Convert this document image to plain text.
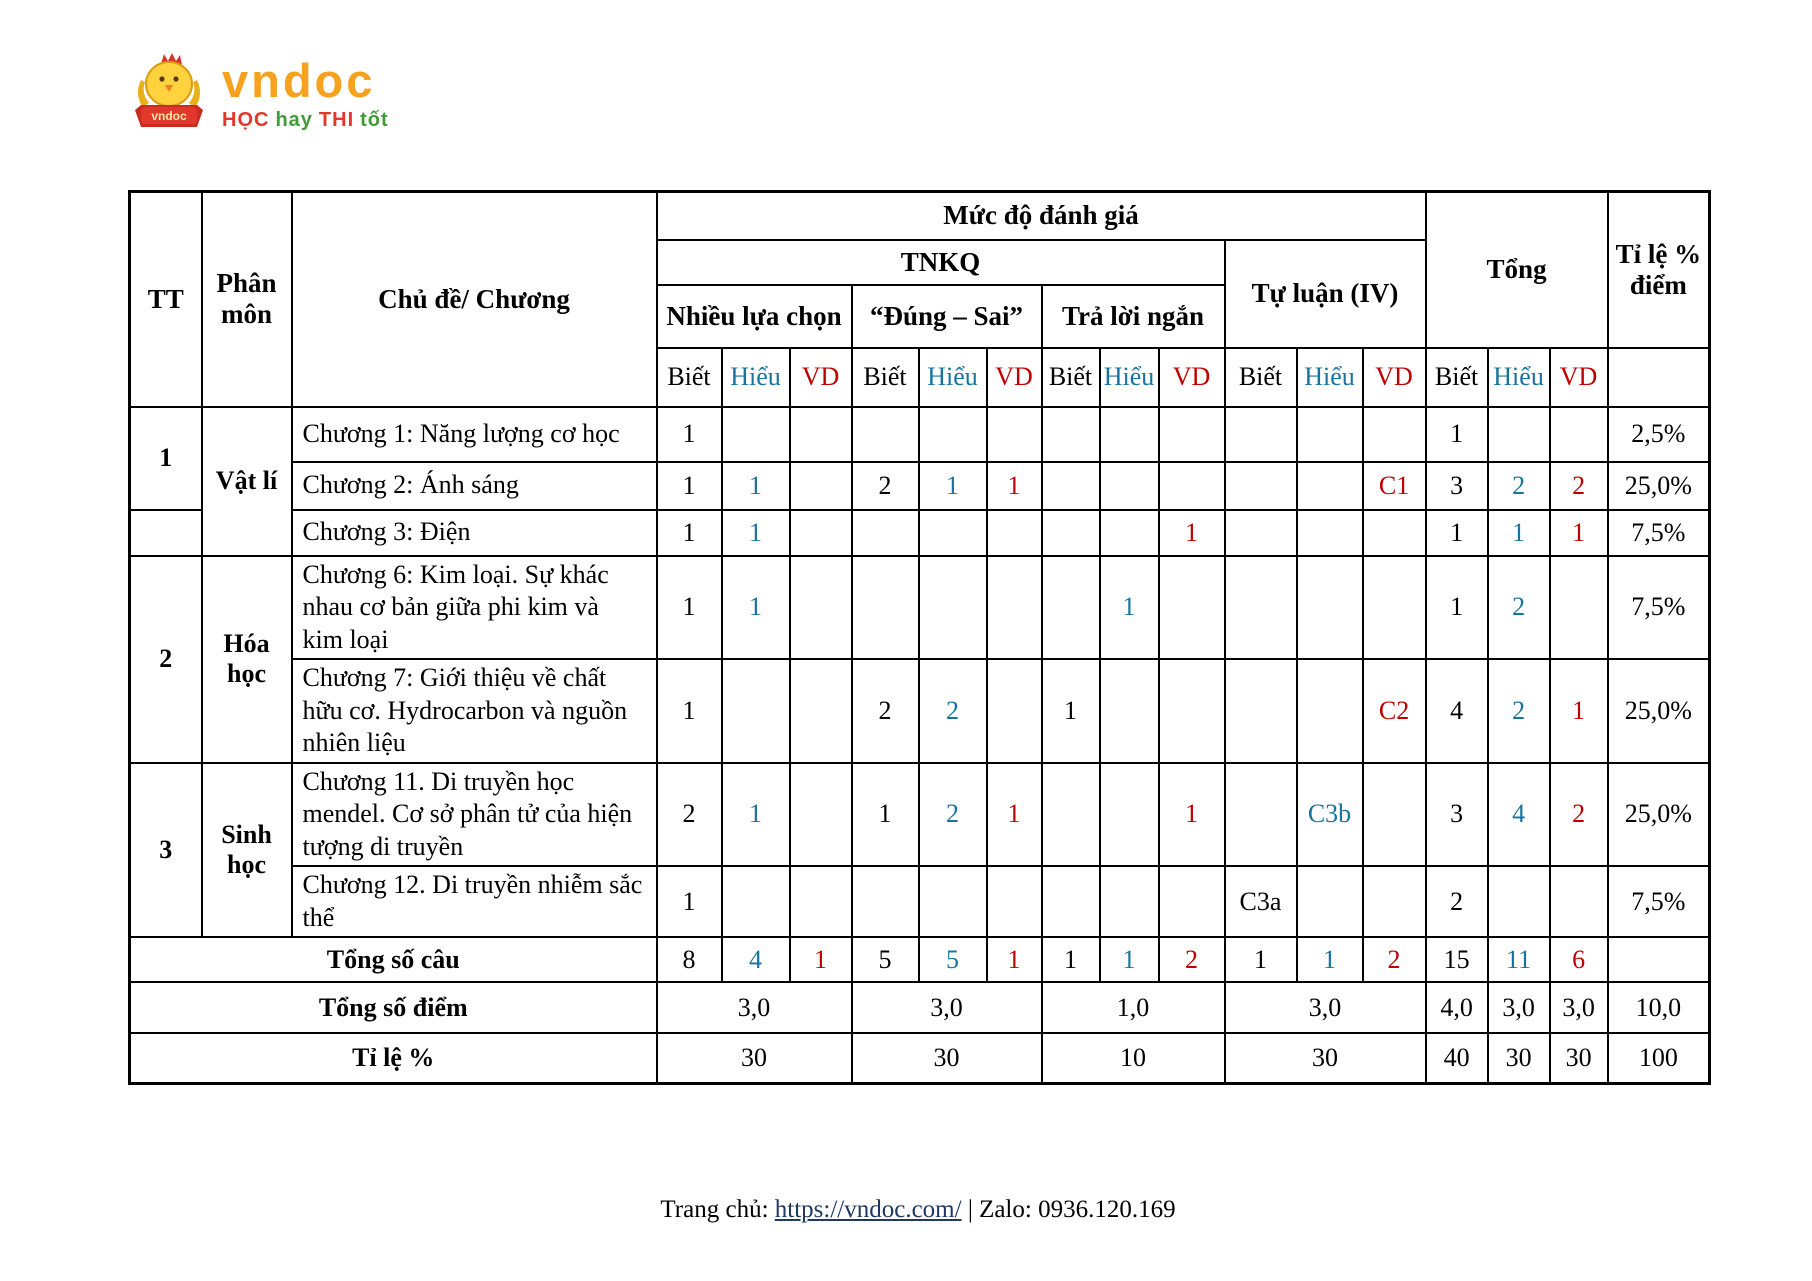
vndoc
vndoc
HỌC hay THI tốt
TT	Phân môn	Chủ đề/ Chương	Mức độ đánh giá												Tổng			Tỉ lệ % điểm
			TNKQ									Tự luận (IV)						
			Nhiều lựa chọn			“Đúng – Sai”			Trả lời ngắn									
			Biết	Hiểu	VD	Biết	Hiểu	VD	Biết	Hiểu	VD	Biết	Hiểu	VD	Biết	Hiểu	VD	
1	Vật lí	Chương 1: Năng lượng cơ học	1												1			2,5%
		Chương 2: Ánh sáng	1	1		2	1	1						C1	3	2	2	25,0%
		Chương 3: Điện	1	1							1				1	1	1	7,5%
2	Hóa học	Chương 6: Kim loại. Sự khác nhau cơ bản giữa phi kim và kim loại	1	1						1					1	2		7,5%
		Chương 7: Giới thiệu về chất hữu cơ. Hydrocarbon và nguồn nhiên liệu	1			2	2		1					C2	4	2	1	25,0%
3	Sinh học	Chương 11. Di truyền học mendel. Cơ sở phân tử của hiện tượng di truyền	2	1		1	2	1			1		C3b		3	4	2	25,0%
		Chương 12. Di truyền nhiễm sắc thể	1									C3a			2			7,5%
Tổng số câu			8	4	1	5	5	1	1	1	2	1	1	2	15	11	6	
Tổng số điểm			3,0			3,0			1,0			3,0			4,0	3,0	3,0	10,0
Tỉ lệ %			30			30			10			30			40	30	30	100
Trang chủ: https://vndoc.com/ | Zalo: 0936.120.169
